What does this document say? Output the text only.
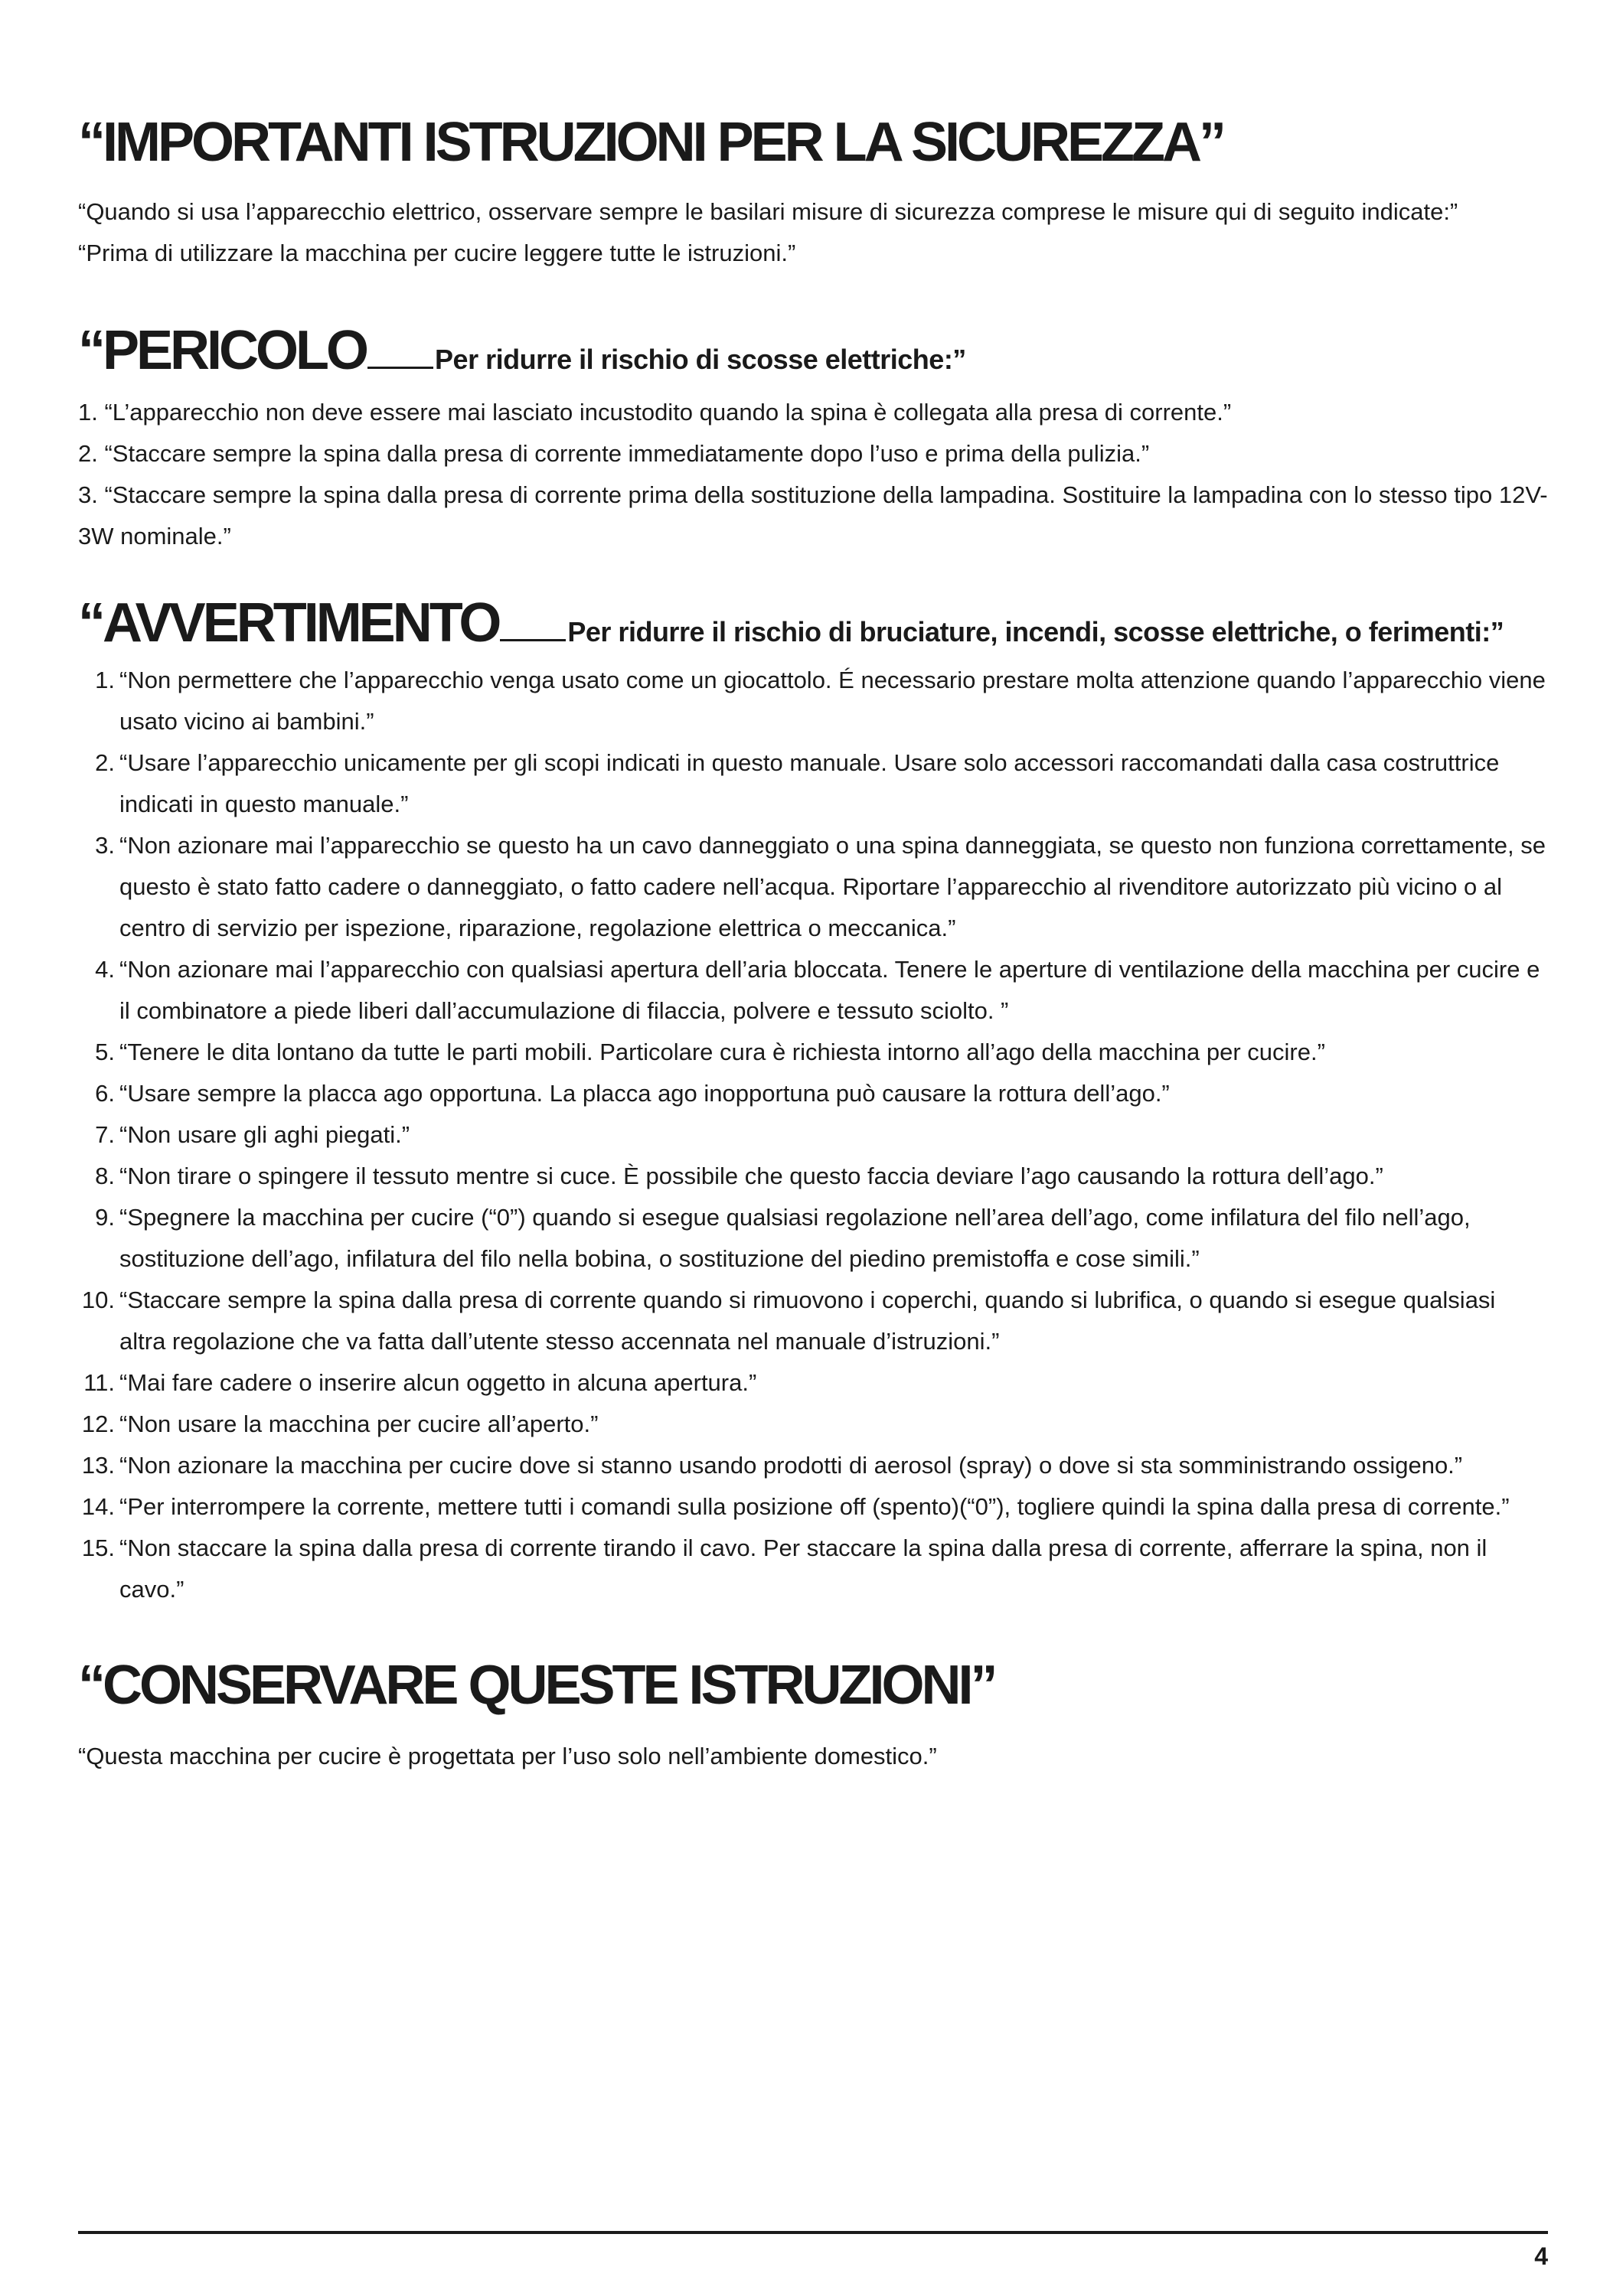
“IMPORTANTI ISTRUZIONI PER LA SICUREZZA”

“Quando si usa l’apparecchio elettrico, osservare sempre le basilari misure di sicurezza comprese le misure qui di seguito indicate:”

“Prima di utilizzare la macchina per cucire leggere tutte le istruzioni.”

“PERICOLO	Per ridurre il rischio di scosse elettriche:”
1. “L’apparecchio non deve essere mai lasciato incustodito quando la spina è collegata alla presa di corrente.”
2. “Staccare sempre la spina dalla presa di corrente immediatamente dopo l’uso e prima della pulizia.”
3. “Staccare sempre la spina dalla presa di corrente prima della sostituzione della lampadina. Sostituire la lampadina con lo stesso tipo 12V-3W nominale.”
“AVVERTIMENTO	Per ridurre il rischio di bruciature, incendi, scosse elettriche, o ferimenti:”
1. “Non permettere che l’apparecchio venga usato come un giocattolo. É necessario prestare molta attenzione quando l’apparecchio viene usato vicino ai bambini.”
2. “Usare l’apparecchio unicamente per gli scopi indicati in questo manuale. Usare solo accessori raccomandati dalla casa costruttrice indicati in questo manuale.”
3. “Non azionare mai l’apparecchio se questo ha un cavo danneggiato o una spina danneggiata, se questo non funziona correttamente, se questo è stato fatto cadere o danneggiato, o fatto cadere nell’acqua. Riportare l’apparecchio al rivenditore autorizzato più vicino o al centro di servizio per ispezione, riparazione, regolazione elettrica o meccanica.”
4. “Non azionare mai l’apparecchio con qualsiasi apertura dell’aria bloccata. Tenere le aperture di ventilazione della macchina per cucire e il combinatore a piede liberi dall’accumulazione di filaccia, polvere e tessuto sciolto. ”
5. “Tenere le dita lontano da tutte le parti mobili. Particolare cura è richiesta intorno all’ago della macchina per cucire.”
6. “Usare sempre la placca ago opportuna. La placca ago inopportuna può causare la rottura dell’ago.”
7. “Non usare gli aghi piegati.”
8. “Non tirare o spingere il tessuto mentre si cuce. È possibile che questo faccia deviare l’ago causando la rottura dell’ago.”
9. “Spegnere la macchina per cucire (“0”) quando si esegue qualsiasi regolazione nell’area dell’ago, come infilatura del filo nell’ago, sostituzione dell’ago, infilatura del filo nella bobina, o sostituzione del piedino premistoffa e cose simili.”
10. “Staccare sempre la spina dalla presa di corrente quando si rimuovono i coperchi, quando si lubrifica, o quando si esegue qualsiasi altra regolazione che va fatta dall’utente stesso accennata nel manuale d’istruzioni.”
11. “Mai fare cadere o inserire alcun oggetto in alcuna apertura.”
12. “Non usare la macchina per cucire all’aperto.”
13. “Non azionare la macchina per cucire dove si stanno usando prodotti di aerosol (spray) o dove si sta somministrando ossigeno.”
14. “Per interrompere la corrente, mettere tutti i comandi sulla posizione off (spento)(“0”), togliere quindi la spina dalla presa di corrente.”
15. “Non staccare la spina dalla presa di corrente tirando il cavo. Per staccare la spina dalla presa di corrente, afferrare la spina, non il cavo.”
“CONSERVARE QUESTE ISTRUZIONI”

“Questa macchina per cucire è progettata per l’uso solo nell’ambiente domestico.”

4
